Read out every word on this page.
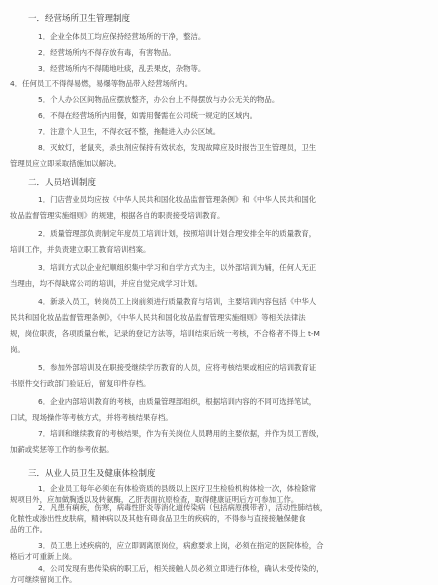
一．经营场所卫生管理制度
1．企业全体员工均应保持经营场所的干净，整洁。
2．经营场所内不得存放有毒，有害物品。
3．经营场所内不得随地吐痰，乱丢果皮，杂物等。
4．任何员工不得得易燃，易爆等物品带入经营场所内。
5．个人办公区间物品应摆放整齐，办公台上不得摆放与办公无关的物品。
6．不得在经营场所内用餐，如需用餐需在公司统一规定的区域内。
7．注意个人卫生，不得衣冠不整，拖鞋进入办公区域。
8．灭蚊灯，老鼠夹，杀虫剂应保持有效状态，发现故障应及时报告卫生管理员，卫生
管理员应立即采取措施加以解决。
二．人员培训制度
1．门店营业员均应按《中华人民共和国化妆品监督管理条例》和《中华人民共和国化
妆品监督管理实施细则》的规建，根据各自的职责接受培训教育。
2．质量管理部负责制定年度员工培训计划，按照培训计划合理安排全年的质量教育，
培训工作，并负责建立职工教育培训档案。
3．培训方式以企业纪顺组织集中学习和自学方式为主，以外部培训为辅，任何人无正
当理由，均不得缺席公司的培训，并应自觉完成学习计划。
4．新录入员工，转岗员工上岗前须进行质量教育与培训，主要培训内容包括《中华人
民共和国化妆品监督管理条例》，《中华人民共和国化妆品监督管理实施细则》等相关法律法
规，岗位职责，各项质量台帐，记录的登记方法等，培训结束后统一考核，不合格者不得上 t-M
岗。
5．参加外部培训及在职接受继续学历教育的人员，应将考核结果或相应的培训教育证
书原件交行政部门验证后，留复印件存档。
6．企业内部培训教育的考核，由质量管理部组织，根据培训内容的不同可选择笔试，
口试，现场操作等考核方式，并将考核结果存档。
7．培训和继续教育的考核结果，作为有关岗位人员聘用的主要依据，并作为员工晋级，
加薪或奖惩等工作的参考依据。
三．从业人员卫生及健康体检制度
1．企业员工每年必须在有体检资质的县级以上医疗卫生检验机构体检一次，体检除常
规项目外，应加做胸透以及转氨酶，乙肝表面抗原检查，取得健康证明后方可参加工作。
2．凡患有痢疾，伤寒，病毒性肝炎等消化道传染病（包括病原携带者），活动性肺结核，
化脓性或渗出性皮肤病，精神病以及其他有碍食品卫生的疾病的，不得参与直接接触保健食
品的工作。
3．员工患上述疾病的，应立即调离原岗位，病愈要求上岗，必须在指定的医院体检，合
格后才可重新上岗。
4．公司发现有患传染病的职工后，相关接触人员必须立即进行体检，确认未受传染的，
方可继续留岗工作。
